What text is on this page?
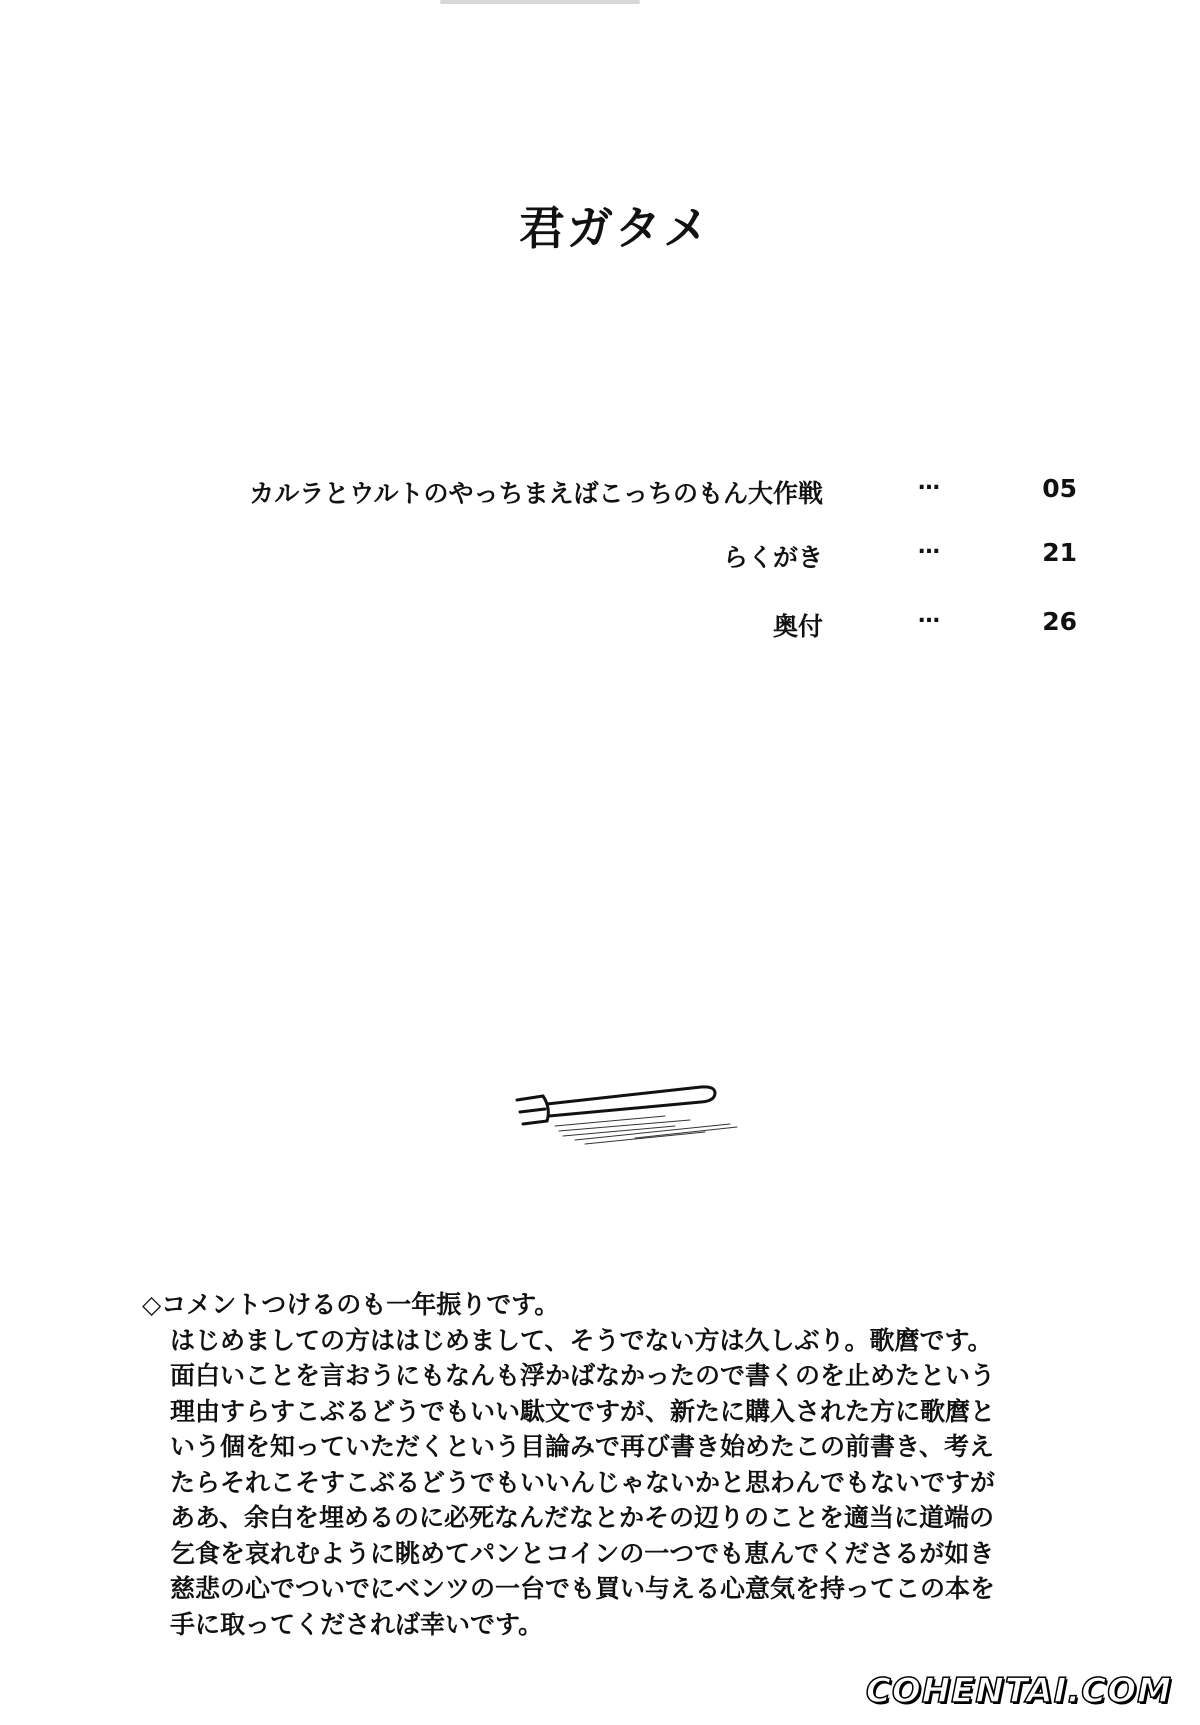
君ガタメ
カルラとウルトのやっちまえばこっちのもん大作戦	…	05
らくがき	…	21
奥付	…	26
◇コメントつけるのも一年振りです。
はじめましての方ははじめまして、そうでない方は久しぶり。歌麿です。
面白いことを言おうにもなんも浮かばなかったので書くのを止めたという
理由すらすこぶるどうでもいい駄文ですが、新たに購入された方に歌麿と
いう個を知っていただくという目論みで再び書き始めたこの前書き、考え
たらそれこそすこぶるどうでもいいんじゃないかと思わんでもないですが
ああ、余白を埋めるのに必死なんだなとかその辺りのことを適当に道端の
乞食を哀れむように眺めてパンとコインの一つでも恵んでくださるが如き
慈悲の心でついでにベンツの一台でも買い与える心意気を持ってこの本を
手に取ってくだされば幸いです。
COHENTAI.COM
